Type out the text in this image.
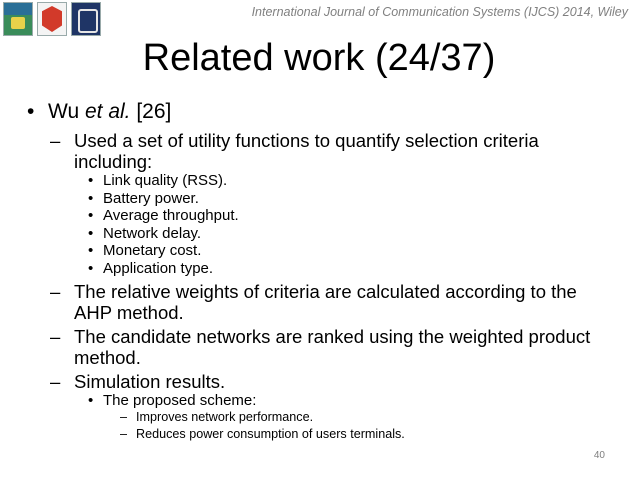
International Journal of Communication Systems (IJCS) 2014, Wiley
Related work (24/37)
• Wu et al. [26]
– Used a set of utility functions to quantify selection criteria
including:
• Link quality (RSS).
• Battery power.
• Average throughput.
• Network delay.
• Monetary cost.
• Application type.
– The relative weights of criteria are calculated according to the
AHP method.
– The candidate networks are ranked using the weighted product
method.
– Simulation results.
• The proposed scheme:
– Improves network performance.
– Reduces power consumption of users terminals.
40
